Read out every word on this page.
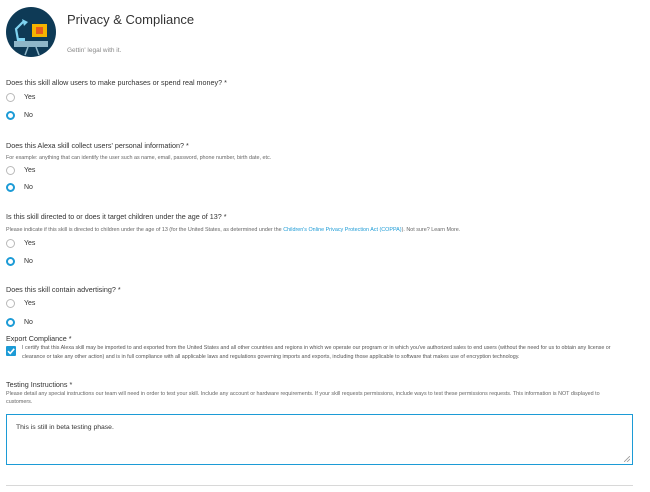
Privacy & Compliance
Gettin' legal with it.
Does this skill allow users to make purchases or spend real money? *
Yes
No
Does this Alexa skill collect users' personal information? *
For example: anything that can identify the user such as name, email, password, phone number, birth date, etc.
Yes
No
Is this skill directed to or does it target children under the age of 13? *
Please indicate if this skill is directed to children under the age of 13 (for the United States, as determined under the Children's Online Privacy Protection Act (COPPA)). Not sure? Learn More.
Yes
No
Does this skill contain advertising? *
Yes
No
Export Compliance *
I certify that this Alexa skill may be imported to and exported from the United States and all other countries and regions in which we operate our program or in which you've authorized sales to end users (without the need for us to obtain any license or clearance or take any other action) and is in full compliance with all applicable laws and regulations governing imports and exports, including those applicable to software that makes use of encryption technology.
Testing Instructions *
Please detail any special instructions our team will need in order to test your skill. Include any account or hardware requirements. If your skill requests permissions, include ways to test these permissions requests. This information is NOT displayed to customers.
This is still in beta testing phase.
